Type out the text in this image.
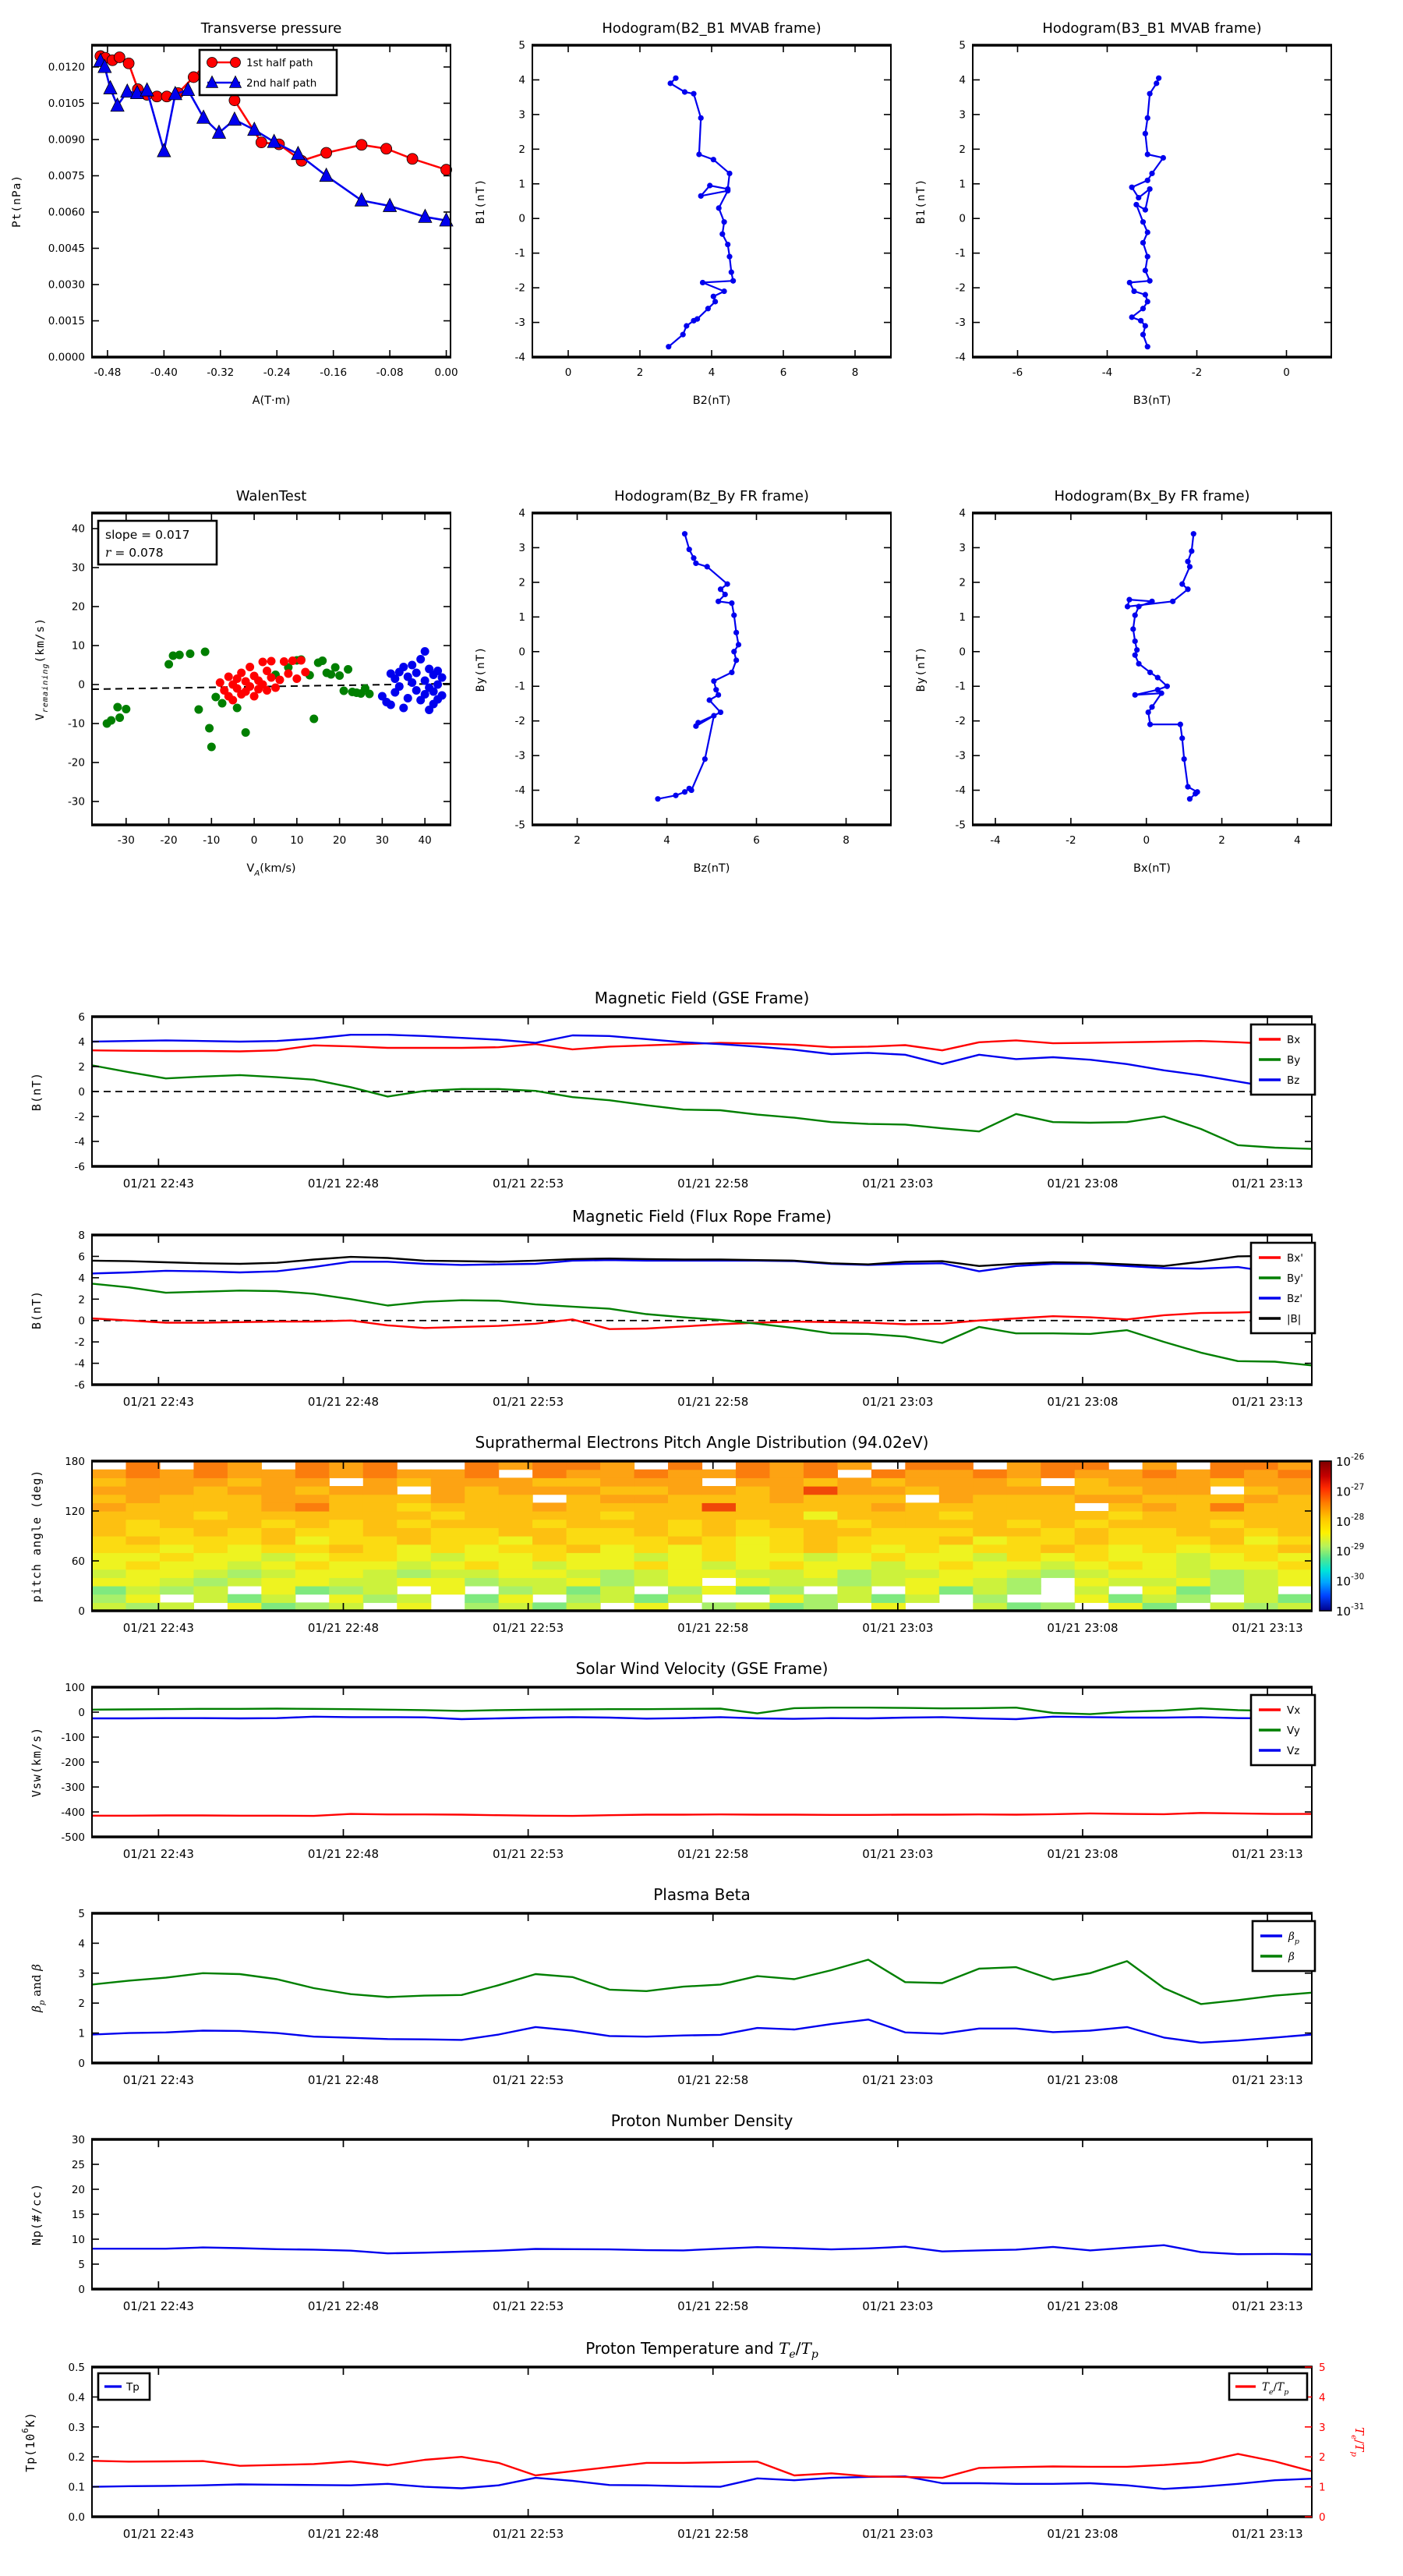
Transverse pressure
-0.48	-0.40	-0.32	-0.24	-0.16	-0.08	0.00
0.0000
0.0015
0.0030
0.0045
0.0060
0.0075
0.0090
0.0105
0.0120
A(T·m)
Pt(nPa)
1st half path
2nd half path
Hodogram(B2_B1 MVAB frame)
0	2	4	6	8
-4
-3
-2
-1
0
1
2
3
4
5
B2(nT)
B1(nT)
Hodogram(B3_B1 MVAB frame)
-6	-4	-2	0
-4
-3
-2
-1
0
1
2
3
4
5
B3(nT)
B1(nT)
WalenTest
slope = 0.017
r = 0.078
-30 -20 -10	0	10	20	30	40
-30
-20
-10
0
10
20
30
40
$V_A(km/s)$
$V_{remaining}(km/s)$
Hodogram(Bz_By FR frame)
2	4	6	8
-5
-4
-3
-2
-1
0
1
2
3
4
Bz(nT)
By(nT)
Hodogram(Bx_By FR frame)
-4	-2	0	2	4
-5
-4
-3
-2
-1
0
1
2
3
4
Bx(nT)
By(nT)
Magnetic Field (GSE Frame)
01/21 22:43	01/21 22:48	01/21 22:53	01/21 22:58	01/21 23:03	01/21 23:08	01/21 23:13
-6
-4
-2
0
2
4
6
B(nT)
Bx
By
Bz
Magnetic Field (Flux Rope Frame)
01/21 22:43	01/21 22:48	01/21 22:53	01/21 22:58	01/21 23:03	01/21 23:08	01/21 23:13
-6
-4
-2
0
2
4
6
8
B(nT)
Bx'
By'
Bz'
|B|
Suprathermal Electrons Pitch Angle Distribution (94.02eV)
01/21 22:43	01/21 22:48	01/21 22:53	01/21 22:58	01/21 23:03	01/21 23:08	01/21 23:13
0
60
120
180
pitch angle (deg)
$10^{-26}$
$10^{-27}$
$10^{-28}$
$10^{-29}$
$10^{-30}$
$10^{-31}$
Solar Wind Velocity (GSE Frame)
01/21 22:43	01/21 22:48	01/21 22:53	01/21 22:58	01/21 23:03	01/21 23:08	01/21 23:13
-500
-400
-300
-200
-100
0
100
Vsw(km/s)
Vx
Vy
Vz
Plasma Beta
01/21 22:43	01/21 22:48	01/21 22:53	01/21 22:58	01/21 23:03	01/21 23:08	01/21 23:13
0
1
2
3
4
5
$\beta_p$ and β
$\beta_p$
β
Proton Number Density
01/21 22:43	01/21 22:48	01/21 22:53	01/21 22:58	01/21 23:03	01/21 23:08	01/21 23:13
0
5
10
15
20
25
30
Np(#/cc)
Proton Temperature and $T_e/T_p$
01/21 22:43	01/21 22:48	01/21 22:53	01/21 22:58	01/21 23:03	01/21 23:08	01/21 23:13
0.0
0.1
0.2
0.3
0.4
0.5
0
1
2
3
4
5
$Tp(10^6K)$
$T_e/T_p$
Tp	$T_e/T_p$
